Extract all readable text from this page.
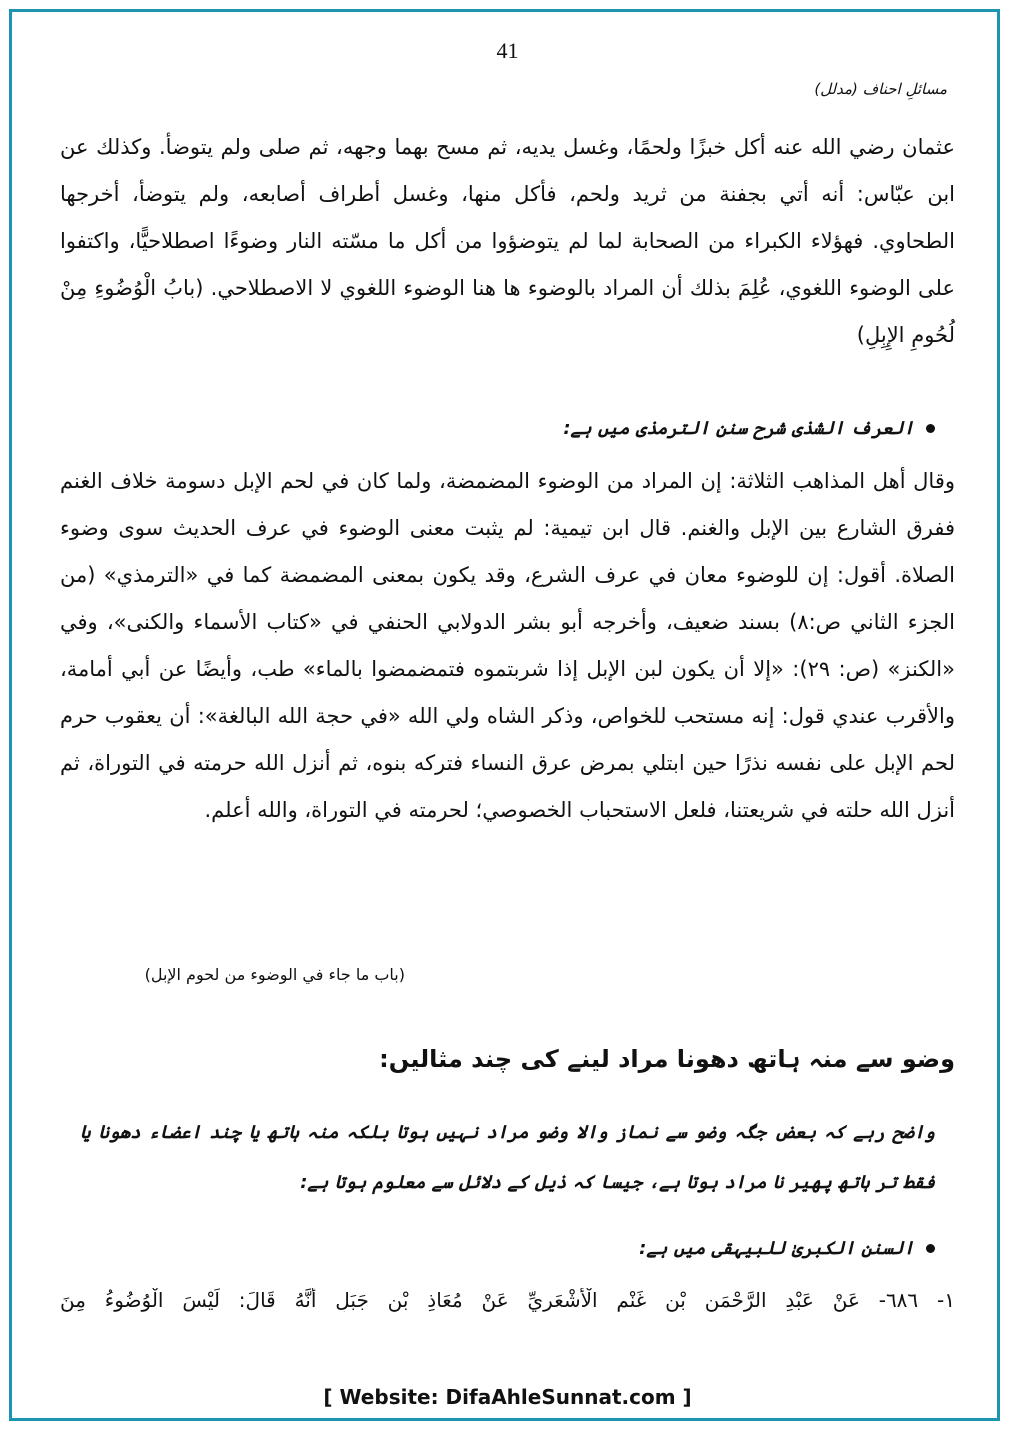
41
مسائلِ احناف (مدلل)
عثمان رضي الله عنه أكل خبزًا ولحمًا، وغسل يديه، ثم مسح بهما وجهه، ثم صلى ولم يتوضأ. وكذلك عن ابن عبّاس: أنه أتي بجفنة من ثريد ولحم، فأكل منها، وغسل أطراف أصابعه، ولم يتوضأ، أخرجها الطحاوي. فهؤلاء الكبراء من الصحابة لما لم يتوضؤوا من أكل ما مسّته النار وضوءًا اصطلاحيًّا، واكتفوا على الوضوء اللغوي، عُلِمَ بذلك أن المراد بالوضوء ها هنا الوضوء اللغوي لا الاصطلاحي. (بابُ الْوُضُوءِ مِنْ لُحُومِ الإِبِلِ)
العرف الشذی شرح سنن الترمذی میں ہے:
وقال أهل المذاهب الثلاثة: إن المراد من الوضوء المضمضة، ولما كان في لحم الإبل دسومة خلاف الغنم ففرق الشارع بين الإبل والغنم. قال ابن تيمية: لم يثبت معنى الوضوء في عرف الحديث سوى وضوء الصلاة. أقول: إن للوضوء معان في عرف الشرع، وقد يكون بمعنى المضمضة كما في «الترمذي» (من الجزء الثاني ص:٨) بسند ضعيف، وأخرجه أبو بشر الدولابي الحنفي في «كتاب الأسماء والكنى»، وفي «الكنز» (ص: ٢٩): «إلا أن يكون لبن الإبل إذا شربتموه فتمضمضوا بالماء» طب، وأيضًا عن أبي أمامة، والأقرب عندي قول: إنه مستحب للخواص، وذكر الشاه ولي الله «في حجة الله البالغة»: أن يعقوب حرم لحم الإبل على نفسه نذرًا حين ابتلي بمرض عرق النساء فتركه بنوه، ثم أنزل الله حرمته في التوراة، ثم أنزل الله حلته في شريعتنا، فلعل الاستحباب الخصوصي؛ لحرمته في التوراة، والله أعلم.
(باب ما جاء في الوضوء من لحوم الإبل)
وضو سے منہ ہاتھ دھونا مراد لینے کی چند مثالیں:
واضح رہے کہ بعض جگہ وضو سے نماز والا وضو مراد نہیں ہوتا بلکہ منہ ہاتھ یا چند اعضاء دھونا یا فقط تر ہاتھ پھیر نا مراد ہوتا ہے، جیسا کہ ذیل کے دلائل سے معلوم ہوتا ہے:
السنن الکبریٰ للبیہقی میں ہے:
١- ٦٨٦- عَنْ عَبْدِ الرَّحْمَنِ بْنِ غَنْمٍ الْأَشْعَرِيِّ عَنْ مُعَاذِ بْنِ جَبَلٍ أَنَّهُ قَالَ: لَيْسَ الْوُضُوءُ مِنَ
[ Website: DifaAhleSunnat.com ]
